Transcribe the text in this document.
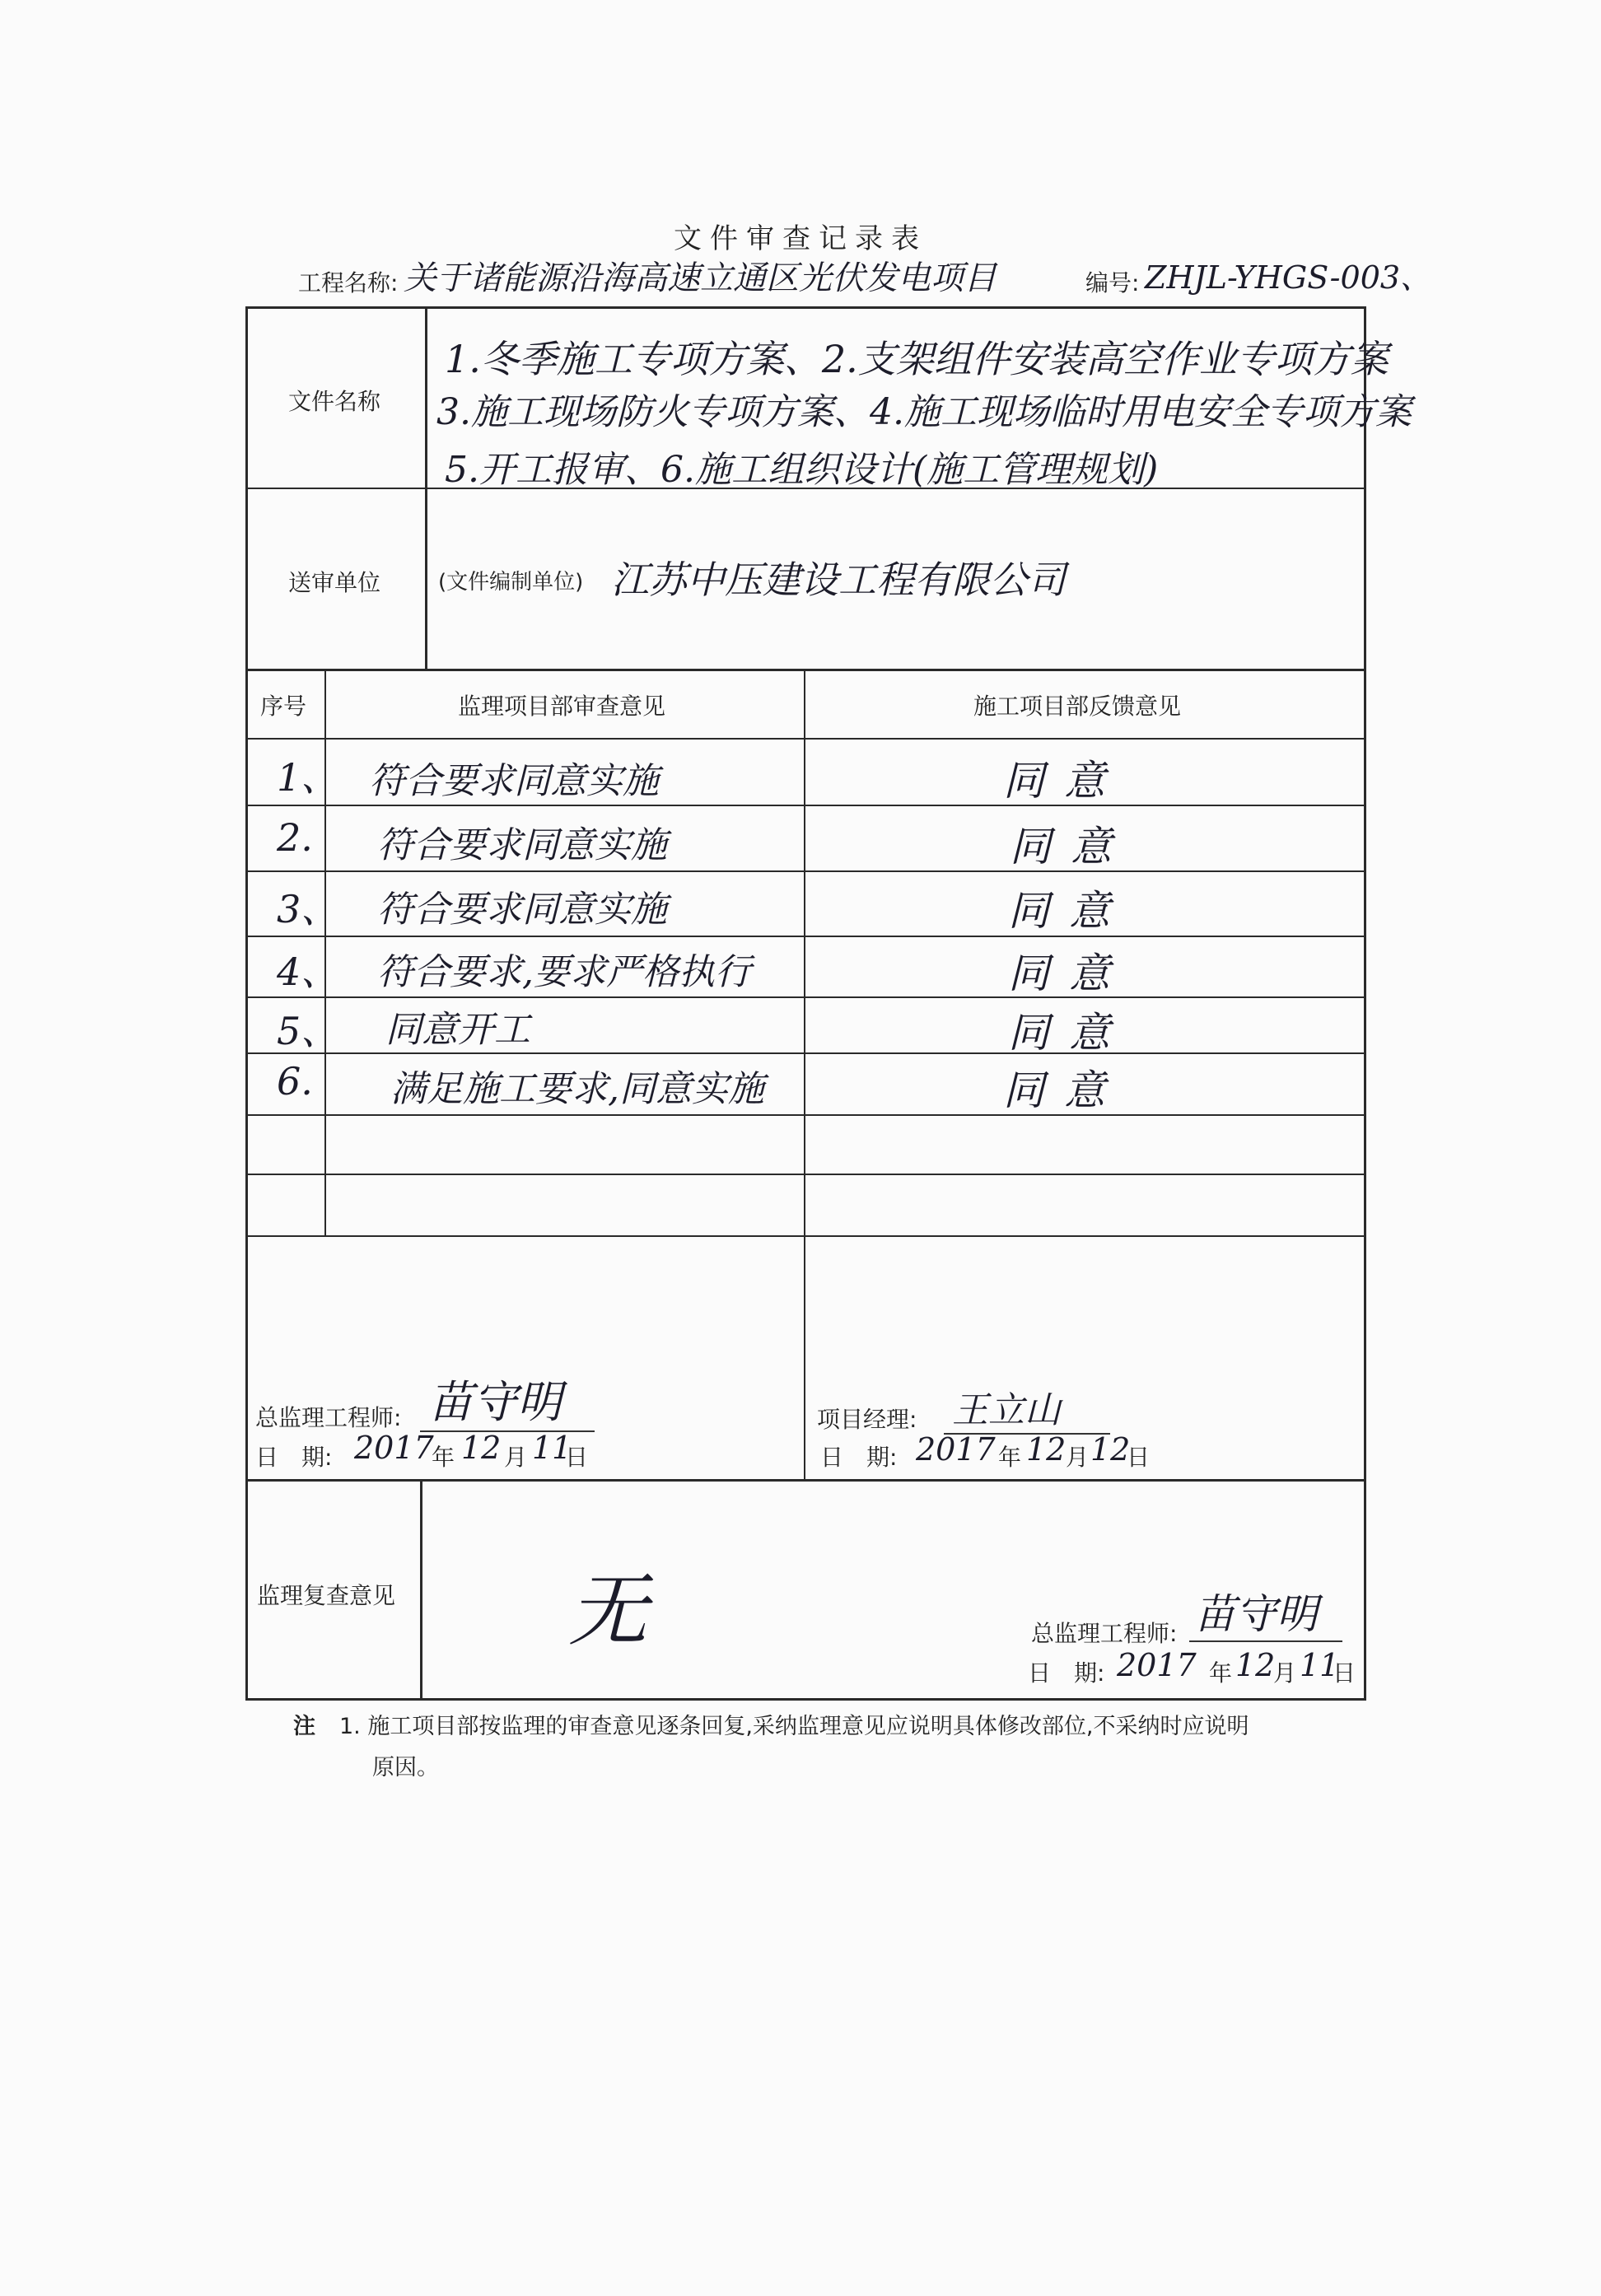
文件审查记录表
工程名称: 关于诸能源沿海高速立通区光伏发电项目	编号: ZHJL-YHGS-003、
文件名称
1.冬季施工专项方案、2.支架组件安装高空作业专项方案
3.施工现场防火专项方案、4.施工现场临时用电安全专项方案
5.开工报审、6.施工组织设计(施工管理规划)
送审单位	(文件编制单位) 江苏中压建设工程有限公司
序号	监理项目部审查意见	施工项目部反馈意见
1、 符合要求同意实施	同意
2. 符合要求同意实施	同意
3、 符合要求同意实施	同意
4、 符合要求,要求严格执行	同意
5、 同意开工	同意
6. 满足施工要求,同意实施	同意
总监理工程师: 苗守明
日　期: 2017
年 12 月 11
日
项目经理: 王立山
日　期: 2017 年 12 月 12
日
监理复查意见 无	总监理工程师: 苗守明
日　期: 2017 年 12
月 11
日
注 1. 施工项目部按监理的审查意见逐条回复,采纳监理意见应说明具体修改部位,不采纳时应说明
原因。
